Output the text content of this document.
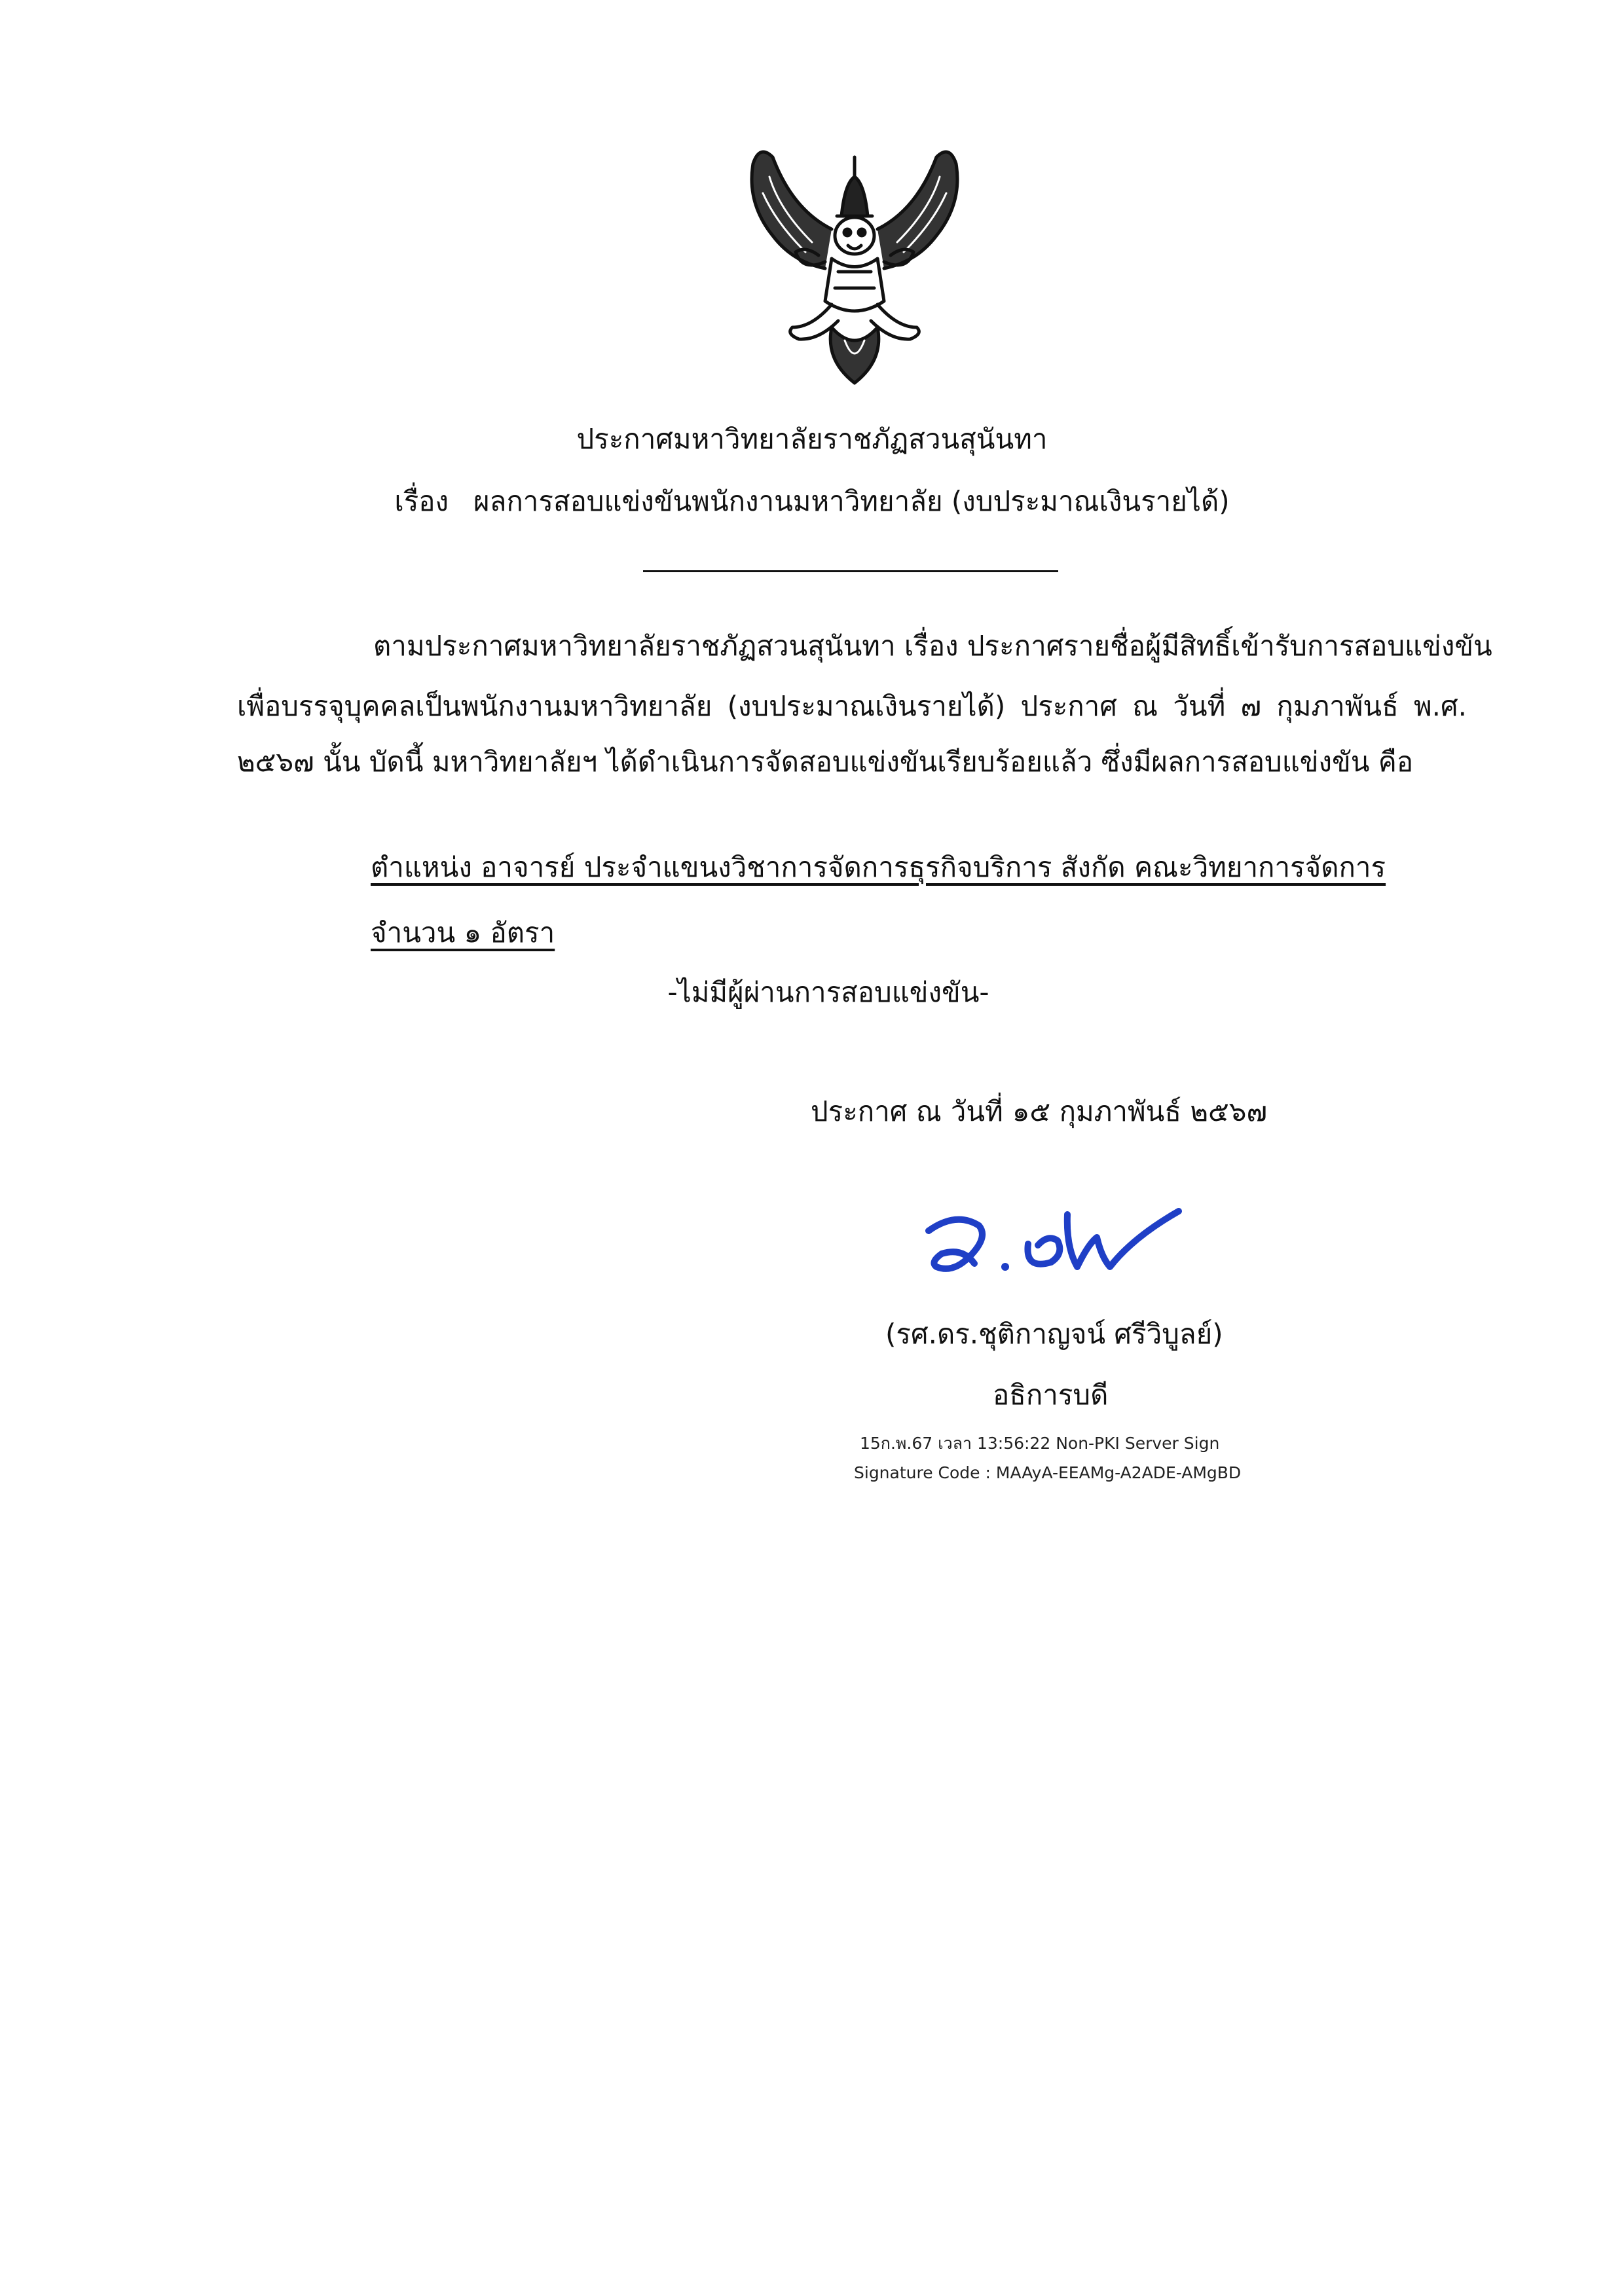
ประกาศมหาวิทยาลัยราชภัฏสวนสุนันทา
เรื่อง ผลการสอบแข่งขันพนักงานมหาวิทยาลัย (งบประมาณเงินรายได้)
ตามประกาศมหาวิทยาลัยราชภัฏสวนสุนันทา เรื่อง ประกาศรายชื่อผู้มีสิทธิ์เข้ารับการสอบแข่งขัน
เพื่อบรรจุบุคคลเป็นพนักงานมหาวิทยาลัย (งบประมาณเงินรายได้) ประกาศ ณ วันที่ ๗ กุมภาพันธ์ พ.ศ.
๒๕๖๗ นั้น บัดนี้ มหาวิทยาลัยฯ ได้ดำเนินการจัดสอบแข่งขันเรียบร้อยแล้ว ซึ่งมีผลการสอบแข่งขัน คือ
ตำแหน่ง อาจารย์ ประจำแขนงวิชาการจัดการธุรกิจบริการ สังกัด คณะวิทยาการจัดการ
จำนวน ๑ อัตรา
-ไม่มีผู้ผ่านการสอบแข่งขัน-
ประกาศ ณ วันที่ ๑๕ กุมภาพันธ์ ๒๕๖๗
(รศ.ดร.ชุติกาญจน์ ศรีวิบูลย์)
อธิการบดี
15ก.พ.67 เวลา 13:56:22 Non-PKI Server Sign
Signature Code : MAAyA-EEAMg-A2ADE-AMgBD
